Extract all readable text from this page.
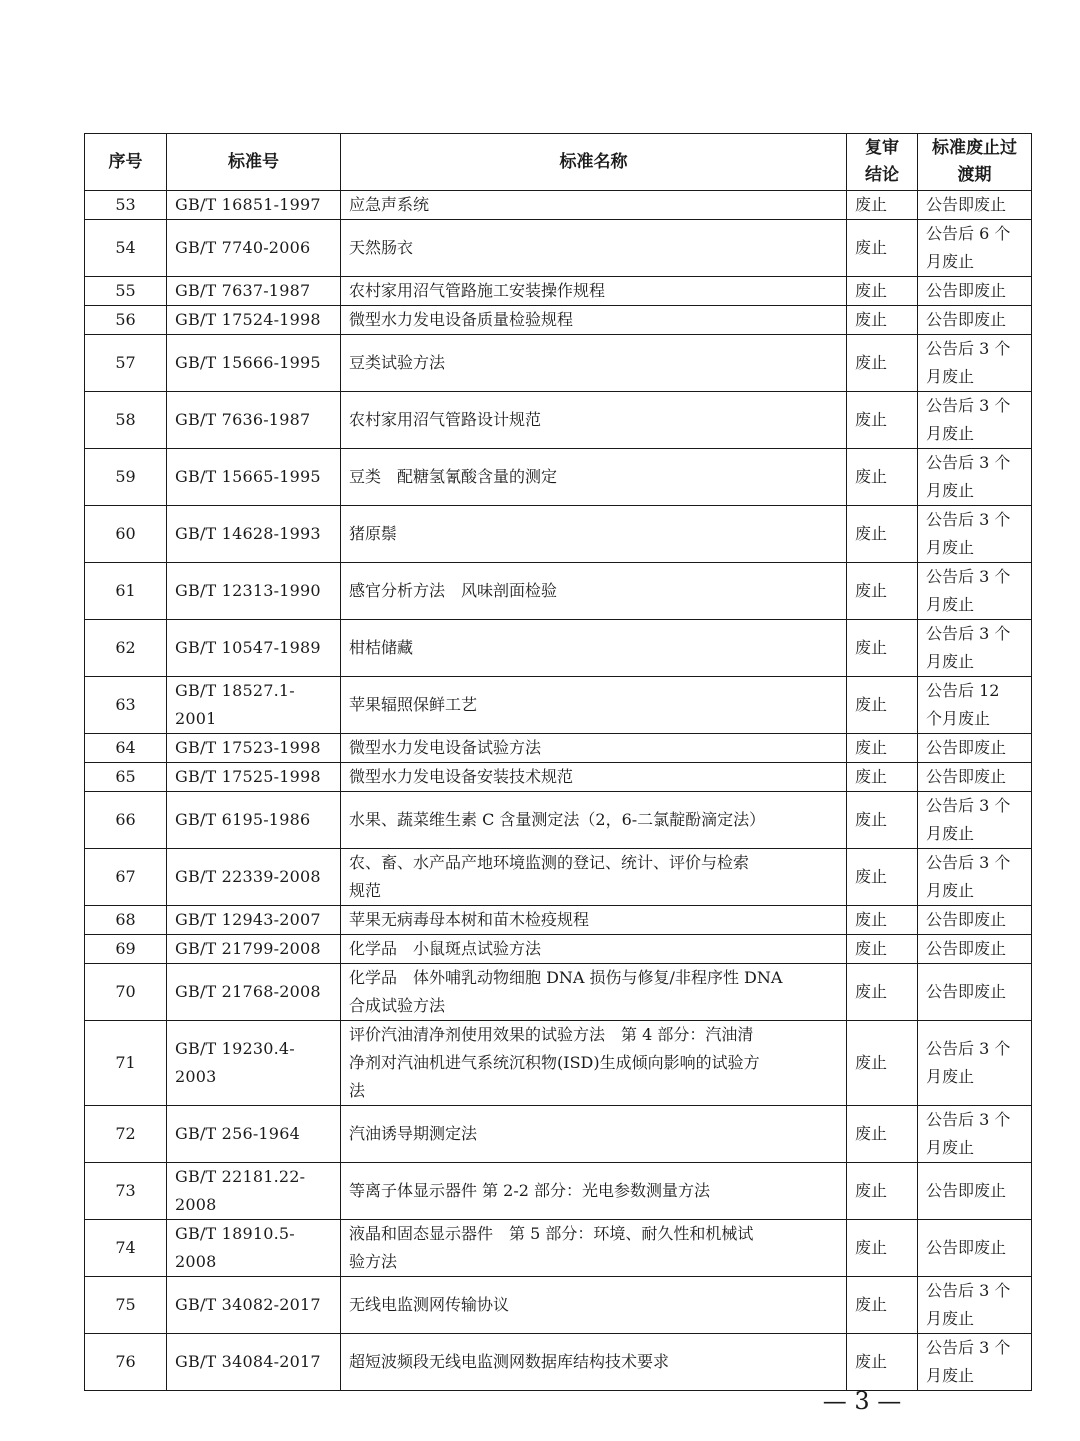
序号	标准号	标准名称	复审
结论	标准废止过
渡期
53	GB/T 16851-1997	应急声系统	废止	公告即废止
54	GB/T 7740-2006	天然肠衣	废止	公告后 6 个
月废止
55	GB/T 7637-1987	农村家用沼气管路施工安装操作规程	废止	公告即废止
56	GB/T 17524-1998	微型水力发电设备质量检验规程	废止	公告即废止
57	GB/T 15666-1995	豆类试验方法	废止	公告后 3 个
月废止
58	GB/T 7636-1987	农村家用沼气管路设计规范	废止	公告后 3 个
月废止
59	GB/T 15665-1995	豆类　配糖氢氰酸含量的测定	废止	公告后 3 个
月废止
60	GB/T 14628-1993	猪原鬃	废止	公告后 3 个
月废止
61	GB/T 12313-1990	感官分析方法　风味剖面检验	废止	公告后 3 个
月废止
62	GB/T 10547-1989	柑桔储藏	废止	公告后 3 个
月废止
63	GB/T 18527.1-
2001	苹果辐照保鲜工艺	废止	公告后 12
个月废止
64	GB/T 17523-1998	微型水力发电设备试验方法	废止	公告即废止
65	GB/T 17525-1998	微型水力发电设备安装技术规范	废止	公告即废止
66	GB/T 6195-1986	水果、蔬菜维生素 C 含量测定法（2，6-二氯靛酚滴定法）	废止	公告后 3 个
月废止
67	GB/T 22339-2008	农、畜、水产品产地环境监测的登记、统计、评价与检索
规范	废止	公告后 3 个
月废止
68	GB/T 12943-2007	苹果无病毒母本树和苗木检疫规程	废止	公告即废止
69	GB/T 21799-2008	化学品　小鼠斑点试验方法	废止	公告即废止
70	GB/T 21768-2008	化学品　体外哺乳动物细胞 DNA 损伤与修复/非程序性 DNA
合成试验方法	废止	公告即废止
71	GB/T 19230.4-
2003	评价汽油清净剂使用效果的试验方法　第 4 部分：汽油清
净剂对汽油机进气系统沉积物(ISD)生成倾向影响的试验方
法	废止	公告后 3 个
月废止
72	GB/T 256-1964	汽油诱导期测定法	废止	公告后 3 个
月废止
73	GB/T 22181.22-
2008	等离子体显示器件 第 2-2 部分：光电参数测量方法	废止	公告即废止
74	GB/T 18910.5-
2008	液晶和固态显示器件　第 5 部分：环境、耐久性和机械试
验方法	废止	公告即废止
75	GB/T 34082-2017	无线电监测网传输协议	废止	公告后 3 个
月废止
76	GB/T 34084-2017	超短波频段无线电监测网数据库结构技术要求	废止	公告后 3 个
月废止
— 3 —
